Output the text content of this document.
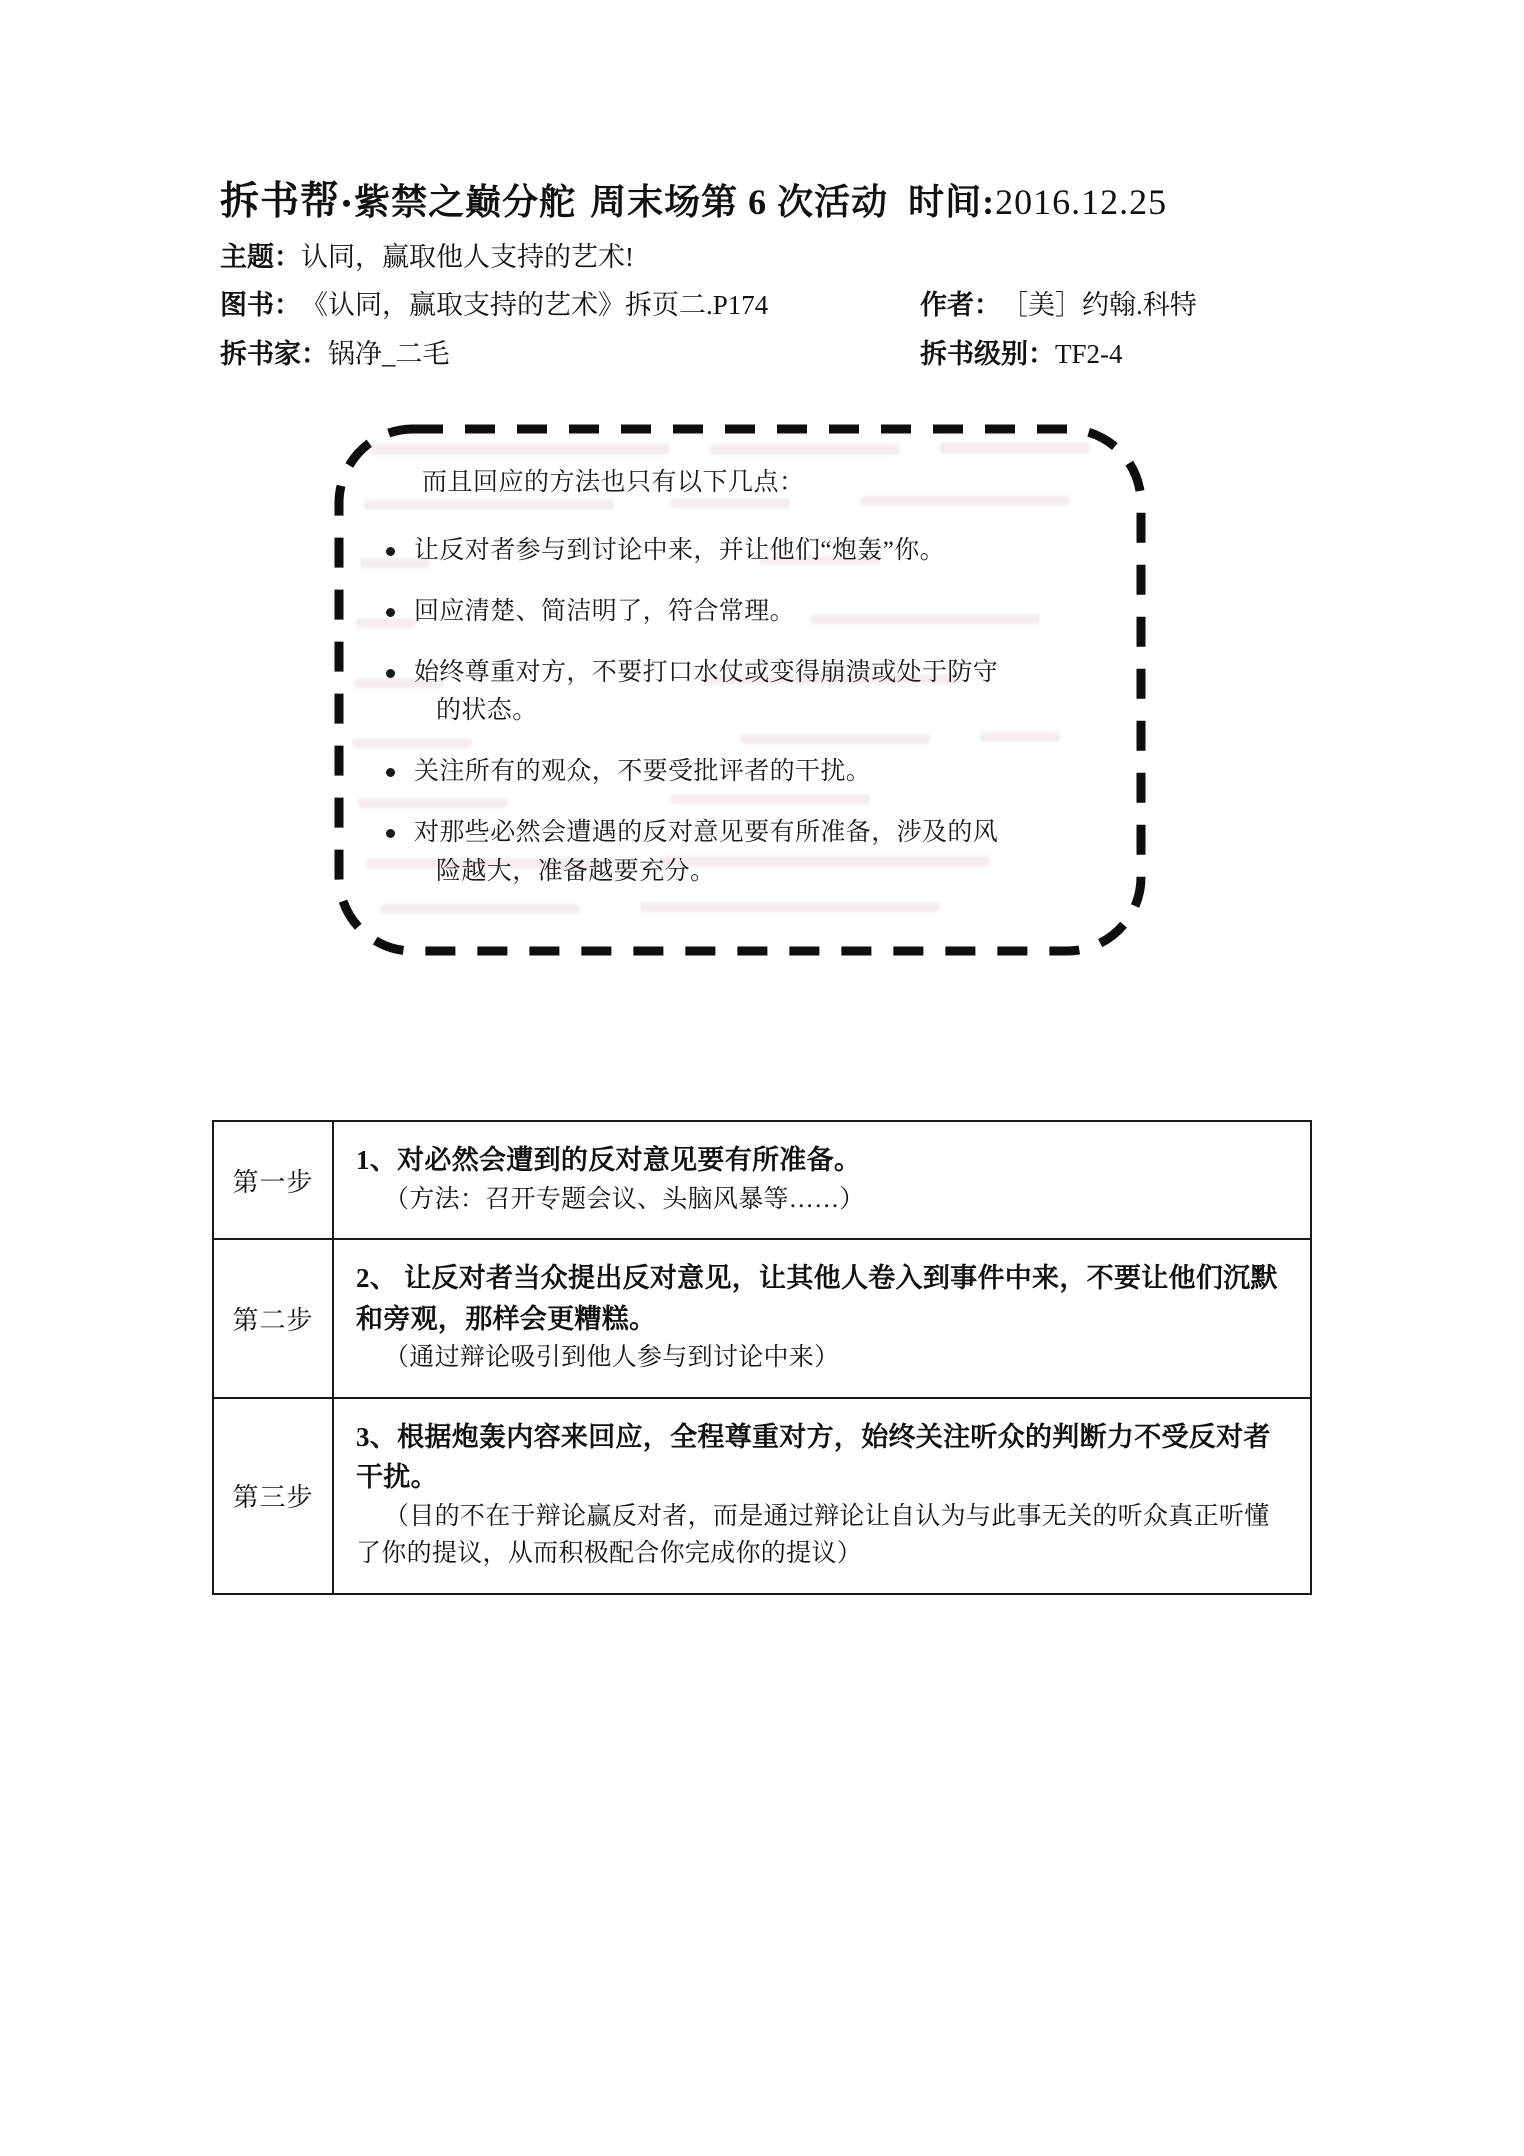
拆书帮•紫禁之巅分舵 周末场第 6 次活动 时间:2016.12.25
主题： 认同，赢取他人支持的艺术!
图书： 《认同，赢取支持的艺术》拆页二.P174	作者： ［美］约翰.科特
拆书家： 锅净_二毛	拆书级别： TF2-4
而且回应的方法也只有以下几点：
让反对者参与到讨论中来，并让他们“炮轰”你。
回应清楚、简洁明了，符合常理。
始终尊重对方，不要打口水仗或变得崩溃或处于防守
的状态。
关注所有的观众，不要受批评者的干扰。
对那些必然会遭遇的反对意见要有所准备，涉及的风
险越大，准备越要充分。
第一步	1、对必然会遭到的反对意见要有所准备。
（方法：召开专题会议、头脑风暴等……）

第二步	2、 让反对者当众提出反对意见，让其他人卷入到事件中来，不要让他们沉默和旁观，那样会更糟糕。
（通过辩论吸引到他人参与到讨论中来）

第三步	3、根据炮轰内容来回应，全程尊重对方，始终关注听众的判断力不受反对者干扰。
（目的不在于辩论赢反对者，而是通过辩论让自认为与此事无关的听众真正听懂了你的提议，从而积极配合你完成你的提议）
